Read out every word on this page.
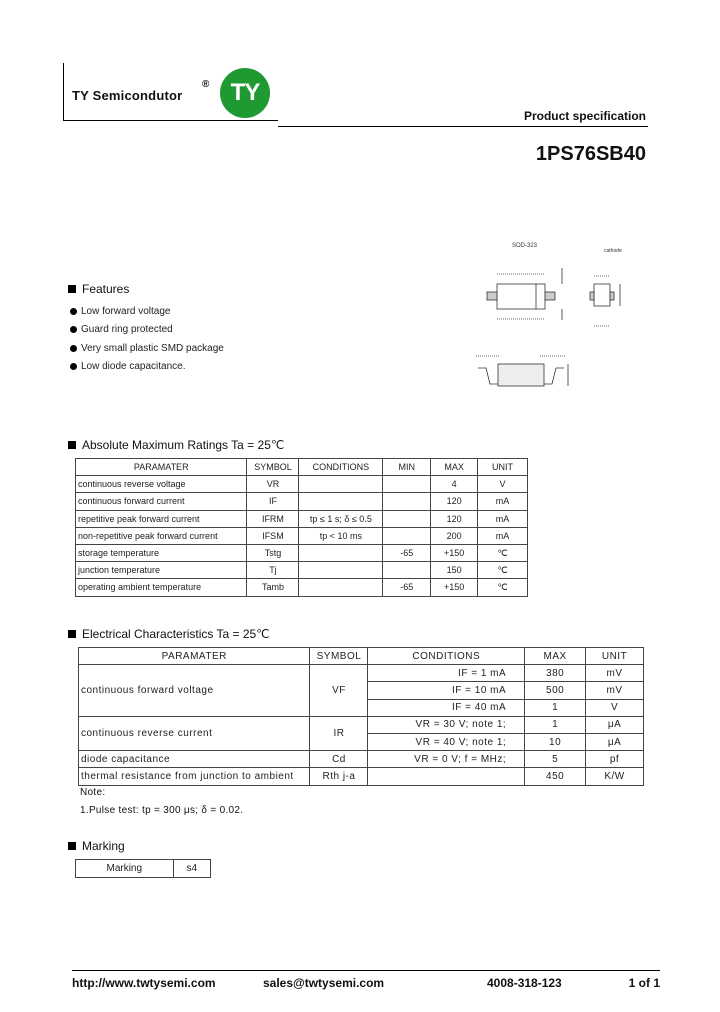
TY Semicondutor
® TY
Product specification
1PS76SB40
SOD-323
cathode
Features
Low forward voltage
Guard ring protected
Very small plastic SMD package
Low diode capacitance.
Absolute Maximum Ratings Ta = 25℃
PARAMATER	SYMBOL	CONDITIONS	MIN	MAX	UNIT
continuous reverse voltage	VR			4	V
continuous forward current	IF			120	mA
repetitive peak forward current	IFRM	tp ≤ 1 s; δ ≤ 0.5		120	mA
non-repetitive peak forward current	IFSM	tp < 10 ms		200	mA
storage temperature	Tstg		-65	+150	℃
junction temperature	Tj			150	℃
operating ambient temperature	Tamb		-65	+150	℃
Electrical Characteristics Ta = 25℃
PARAMATER	SYMBOL	CONDITIONS	MAX	UNIT
continuous forward voltage	VF	IF = 1 mA	380	mV
		IF = 10 mA	500	mV
		IF = 40 mA	1	V
continuous reverse current	IR	VR = 30 V; note 1;	1	μA
		VR = 40 V; note 1;	10	μA
diode capacitance	Cd	VR = 0 V; f = MHz;	5	pf
thermal resistance from junction to ambient	Rth j-a		450	K/W
Note:
1.Pulse test: tp = 300 μs; δ = 0.02.
Marking
Marking	s4
http://www.twtysemi.com	sales@twtysemi.com	4008-318-123	1 of 1
